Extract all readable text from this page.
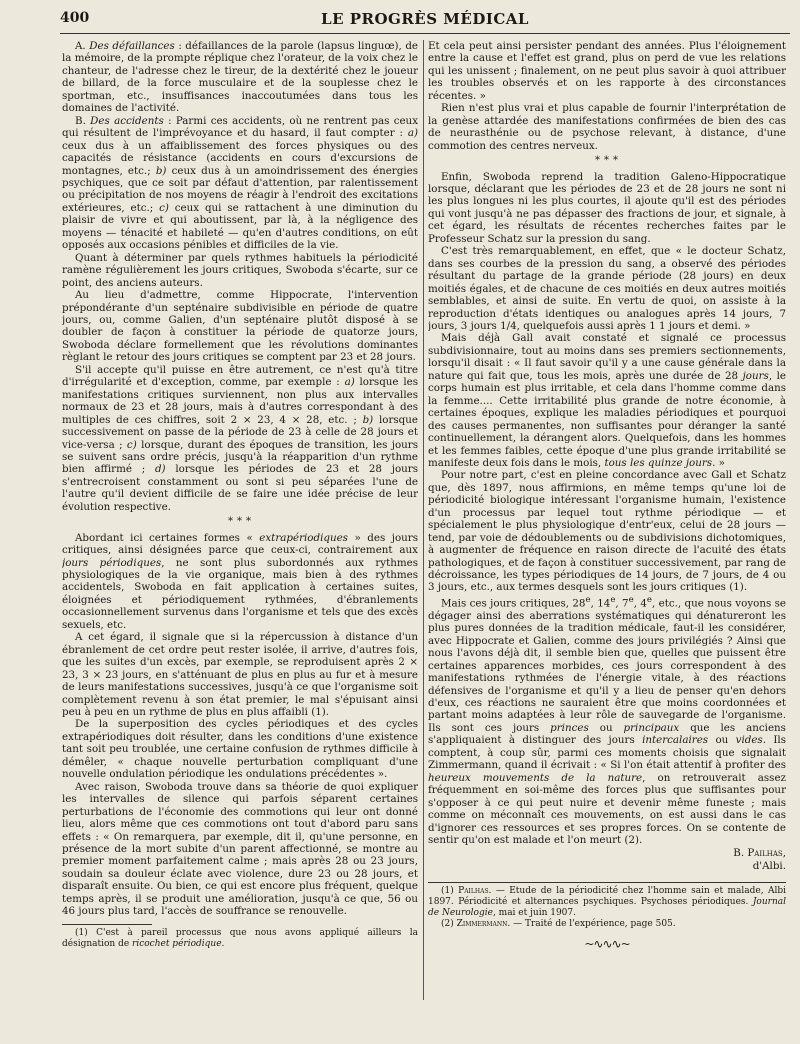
400	LE PROGRÈS MÉDICAL

A. Des défaillances : défaillances de la parole (lapsus linguœ), de la mémoire, de la prompte réplique chez l'orateur, de la voix chez le chanteur, de l'adresse chez le tireur, de la dextérité chez le joueur de billard, de la force musculaire et de la souplesse chez le sportman, etc., insuffisances inaccoutumées dans tous les domaines de l'activité.

B. Des accidents : Parmi ces accidents, où ne rentrent pas ceux qui résultent de l'imprévoyance et du hasard, il faut compter : a) ceux dus à un affaiblissement des forces physiques ou des capacités de résistance (accidents en cours d'excursions de montagnes, etc.; b) ceux dus à un amoindrissement des énergies psychiques, que ce soit par défaut d'attention, par ralentissement ou précipitation de nos moyens de réagir à l'endroit des excitations extérieures, etc.; c) ceux qui se rattachent à une diminution du plaisir de vivre et qui aboutissent, par là, à la négligence des moyens — ténacité et habileté — qu'en d'autres conditions, on eût opposés aux occasions pénibles et difficiles de la vie.

Quant à déterminer par quels rythmes habituels la périodicité ramène régulièrement les jours critiques, Swoboda s'écarte, sur ce point, des anciens auteurs.

Au lieu d'admettre, comme Hippocrate, l'intervention prépondérante d'un septénaire subdivisible en période de quatre jours, ou, comme Galien, d'un septénaire plutôt disposé à se doubler de façon à constituer la période de quatorze jours, Swoboda déclare formellement que les révolutions dominantes règlant le retour des jours critiques se comptent par 23 et 28 jours.

S'il accepte qu'il puisse en être autrement, ce n'est qu'à titre d'irrégularité et d'exception, comme, par exemple : a) lorsque les manifestations critiques surviennent, non plus aux intervalles normaux de 23 et 28 jours, mais à d'autres correspondant à des multiples de ces chiffres, soit 2 × 23, 4 × 28, etc. ; b) lorsque successivement on passe de la période de 23 à celle de 28 jours et vice-versa ; c) lorsque, durant des époques de transition, les jours se suivent sans ordre précis, jusqu'à la réapparition d'un rythme bien affirmé ; d) lorsque les périodes de 23 et 28 jours s'entrecroisent constamment ou sont si peu séparées l'une de l'autre qu'il devient difficile de se faire une idée précise de leur évolution respective.

* * *

Abordant ici certaines formes « extrapériodiques » des jours critiques, ainsi désignées parce que ceux-ci, contrairement aux jours périodiques, ne sont plus subordonnés aux rythmes physiologiques de la vie organique, mais bien à des rythmes accidentels, Swoboda en fait application à certaines suites, éloignées et périodiquement rythmées, d'ébranlements occasionnellement survenus dans l'organisme et tels que des excès sexuels, etc.

A cet égard, il signale que si la répercussion à distance d'un ébranlement de cet ordre peut rester isolée, il arrive, d'autres fois, que les suites d'un excès, par exemple, se reproduisent après 2 × 23, 3 × 23 jours, en s'atténuant de plus en plus au fur et à mesure de leurs manifestations successives, jusqu'à ce que l'organisme soit complètement revenu à son état premier, le mal s'épuisant ainsi peu à peu en un rythme de plus en plus affaibli (1).

De la superposition des cycles périodiques et des cycles extrapériodiques doit résulter, dans les conditions d'une existence tant soit peu troublée, une certaine confusion de rythmes difficile à démêler, « chaque nouvelle perturbation compliquant d'une nouvelle ondulation périodique les ondulations précédentes ».

Avec raison, Swoboda trouve dans sa théorie de quoi expliquer les intervalles de silence qui parfois séparent certaines perturbations de l'économie des commotions qui leur ont donné lieu, alors même que ces commotions ont tout d'abord paru sans effets : « On remarquera, par exemple, dit il, qu'une personne, en présence de la mort subite d'un parent affectionné, se montre au premier moment parfaitement calme ; mais après 28 ou 23 jours, soudain sa douleur éclate avec violence, dure 23 ou 28 jours, et disparaît ensuite. Ou bien, ce qui est encore plus fréquent, quelque temps après, il se produit une amélioration, jusqu'à ce que, 56 ou 46 jours plus tard, l'accès de souffrance se renouvelle.

(1) C'est à pareil processus que nous avons appliqué ailleurs la désignation de ricochet périodique.

Et cela peut ainsi persister pendant des années. Plus l'éloignement entre la cause et l'effet est grand, plus on perd de vue les relations qui les unissent ; finalement, on ne peut plus savoir à quoi attribuer les troubles observés et on les rapporte à des circonstances récentes. »

Rien n'est plus vrai et plus capable de fournir l'interprétation de la genèse attardée des manifestations confirmées de bien des cas de neurasthénie ou de psychose relevant, à distance, d'une commotion des centres nerveux.

* * *

Enfin, Swoboda reprend la tradition Galeno-Hippocratique lorsque, déclarant que les périodes de 23 et de 28 jours ne sont ni les plus longues ni les plus courtes, il ajoute qu'il est des périodes qui vont jusqu'à ne pas dépasser des fractions de jour, et signale, à cet égard, les résultats de récentes recherches faites par le Professeur Schatz sur la pression du sang.

C'est très remarquablement, en effet, que « le docteur Schatz, dans ses courbes de la pression du sang, a observé des périodes résultant du partage de la grande période (28 jours) en deux moitiés égales, et de chacune de ces moitiés en deux autres moitiés semblables, et ainsi de suite. En vertu de quoi, on assiste à la reproduction d'états identiques ou analogues après 14 jours, 7 jours, 3 jours 1/4, quelquefois aussi après 1 1 jours et demi. »

Mais déjà Gall avait constaté et signalé ce processus subdivisionnaire, tout au moins dans ses premiers sectionnements, lorsqu'il disait : « Il faut savoir qu'il y a une cause générale dans la nature qui fait que, tous les mois, après une durée de 28 jours, le corps humain est plus irritable, et cela dans l'homme comme dans la femme.... Cette irritabilité plus grande de notre économie, à certaines époques, explique les maladies périodiques et pourquoi des causes permanentes, non suffisantes pour déranger la santé continuellement, la dérangent alors. Quelquefois, dans les hommes et les femmes faibles, cette époque d'une plus grande irritabilité se manifeste deux fois dans le mois, tous les quinze jours. »

Pour notre part, c'est en pleine concordance avec Gall et Schatz que, dès 1897, nous affirmions, en même temps qu'une loi de périodicité biologique intéressant l'organisme humain, l'existence d'un processus par lequel tout rythme périodique — et spécialement le plus physiologique d'entr'eux, celui de 28 jours — tend, par voie de dédoublements ou de subdivisions dichotomiques, à augmenter de fréquence en raison directe de l'acuité des états pathologiques, et de façon à constituer successivement, par rang de décroissance, les types périodiques de 14 jours, de 7 jours, de 4 ou 3 jours, etc., aux termes desquels sont les jours critiques (1).

Mais ces jours critiques, 28e, 14e, 7e, 4e, etc., que nous voyons se dégager ainsi des aberrations systématiques qui dénatureront les plus pures données de la tradition médicale, faut-il les considérer, avec Hippocrate et Galien, comme des jours privilégiés ? Ainsi que nous l'avons déjà dit, il semble bien que, quelles que puissent être certaines apparences morbides, ces jours correspondent à des manifestations rythmées de l'énergie vitale, à des réactions défensives de l'organisme et qu'il y a lieu de penser qu'en dehors d'eux, ces réactions ne sauraient être que moins coordonnées et partant moins adaptées à leur rôle de sauvegarde de l'organisme. Ils sont ces jours princes ou principaux que les anciens s'appliquaient à distinguer des jours intercalaires ou vides. Ils comptent, à coup sûr, parmi ces moments choisis que signalait Zimmermann, quand il écrivait : « Si l'on était attentif à profiter des heureux mouvements de la nature, on retrouverait assez fréquemment en soi-même des forces plus que suffisantes pour s'opposer à ce qui peut nuire et devenir même funeste ; mais comme on méconnaît ces mouvements, on est aussi dans le cas d'ignorer ces ressources et ses propres forces. On se contente de sentir qu'on est malade et l'on meurt (2).

B. Pailhas,
d'Albi.

(1) Pailhas. — Etude de la périodicité chez l'homme sain et malade, Albi 1897. Périodicité et alternances psychiques. Psychoses périodiques. Journal de Neurologie, mai et juin 1907.

(2) Zimmermann. — Traité de l'expérience, page 505.

~∿∿∿~
